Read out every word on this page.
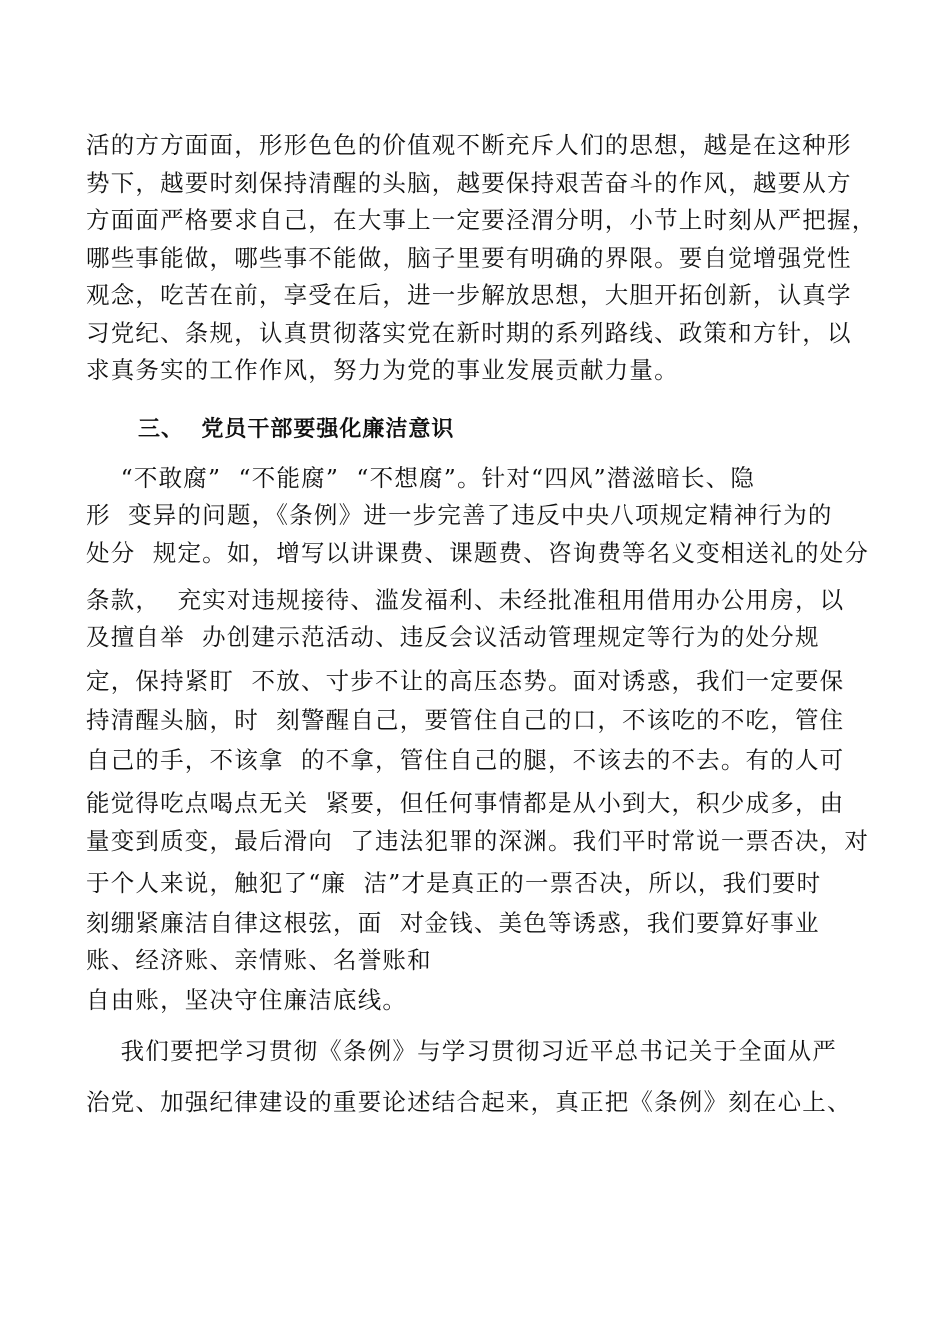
活的方方面面，形形色色的价值观不断充斥人们的思想，越是在这种形
势下，越要时刻保持清醒的头脑，越要保持艰苦奋斗的作风，越要从方
方面面严格要求自己，在大事上一定要泾渭分明，小节上时刻从严把握，
哪些事能做，哪些事不能做，脑子里要有明确的界限。要自觉增强党性
观念，吃苦在前，享受在后，进一步解放思想，大胆开拓创新，认真学
习党纪、条规，认真贯彻落实党在新时期的系列路线、政策和方针，以
求真务实的工作作风，努力为党的事业发展贡献力量。
三、  党员干部要强化廉洁意识
“不敢腐”  “不能腐”  “不想腐”。针对“四风”潜滋暗长、隐
形  变异的问题，《条例》进一步完善了违反中央八项规定精神行为的
处分  规定。如，增写以讲课费、课题费、咨询费等名义变相送礼的处分
条款，  充实对违规接待、滥发福利、未经批准租用借用办公用房，以
及擅自举  办创建示范活动、违反会议活动管理规定等行为的处分规
定，保持紧盯  不放、寸步不让的高压态势。面对诱惑，我们一定要保
持清醒头脑，时  刻警醒自己，要管住自己的口，不该吃的不吃，管住
自己的手，不该拿  的不拿，管住自己的腿，不该去的不去。有的人可
能觉得吃点喝点无关  紧要，但任何事情都是从小到大，积少成多，由
量变到质变，最后滑向  了违法犯罪的深渊。我们平时常说一票否决，对
于个人来说，触犯了“廉  洁”才是真正的一票否决，所以，我们要时
刻绷紧廉洁自律这根弦，面  对金钱、美色等诱惑，我们要算好事业
账、经济账、亲情账、名誉账和
自由账，坚决守住廉洁底线。
我们要把学习贯彻《条例》与学习贯彻习近平总书记关于全面从严
治党、加强纪律建设的重要论述结合起来，真正把《条例》刻在心上、
